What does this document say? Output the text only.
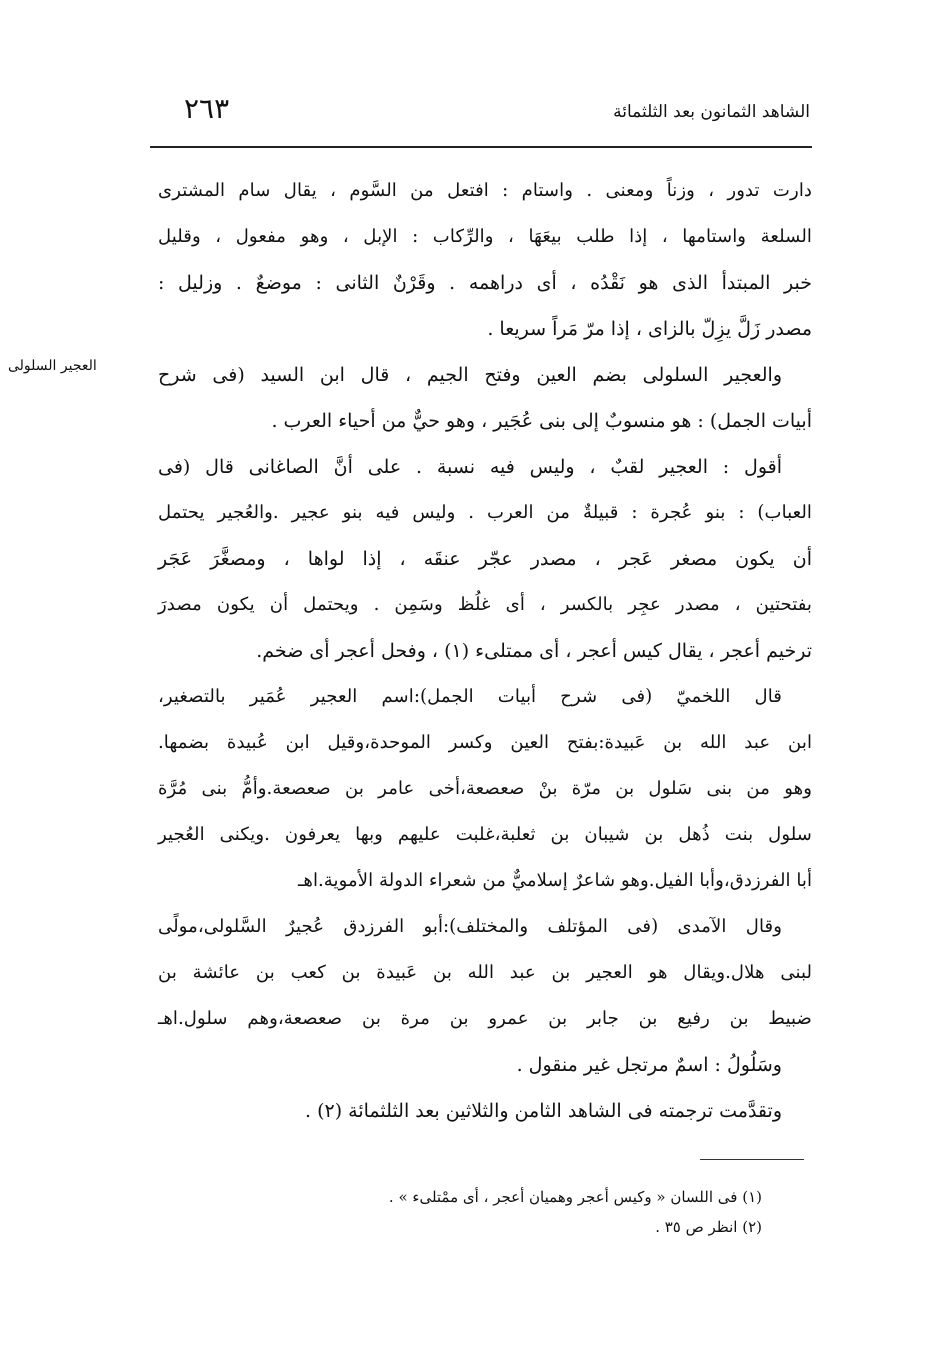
الشاهد الثمانون بعد الثلثمائة
٢٦٣
العجير السلولى
دارت تدور ، وزناً ومعنى . واستام : افتعل من السَّوم ، يقال سام المشترى
السلعة واستامها ، إذا طلب بيعَهَا ، والرِّكاب : الإبل ، وهو مفعول ، وقليل
خبر المبتدأ الذى هو نَقْدُه ، أى دراهمه . وقَرْنٌ الثانى : موضعٌ . وزليل :
مصدر زَلَّ يزِلّ بالزاى ، إذا مرّ مَراً سريعا .
والعجير السلولى بضم العين وفتح الجيم ، قال ابن السيد (فى شرح
أبيات الجمل) : هو منسوبٌ إلى بنى عُجَير ، وهو حيٌّ من أحياء العرب .
أقول : العجير لقبٌ ، وليس فيه نسبة . على أنَّ الصاغانى قال (فى
العباب) : بنو عُجرة : قبيلةٌ من العرب . وليس فيه بنو عجير .والعُجير يحتمل
أن يكون مصغر عَجر ، مصدر عجّر عنقَه ، إذا لواها ، ومصغَّرَ عَجَر
بفتحتين ، مصدر عجِر بالكسر ، أى غلُظ وسَمِن . ويحتمل أن يكون مصدرَ
ترخيم أعجر ، يقال كيس أعجر ، أى ممتلىء (١) ، وفحل أعجر أى ضخم.
قال اللخميّ (فى شرح أبيات الجمل):اسم العجير عُمَير بالتصغير،
ابن عبد الله بن عَبيدة:بفتح العين وكسر الموحدة،وقيل ابن عُبيدة بضمها.
وهو من بنى سَلول بن مرّة بنْ صعصعة،أخى عامر بن صعصعة.وأمُّ بنى مُرَّة
سلول بنت ذُهل بن شيبان بن ثعلبة،غلبت عليهم وبها يعرفون .ويكنى العُجير
أبا الفرزدق،وأبا الفيل.وهو شاعرٌ إسلاميٌّ من شعراء الدولة الأموية.اهـ
وقال الآمدى (فى المؤتلف والمختلف):أبو الفرزدق عُجيرٌ السَّلولى،مولًى
لبنى هلال.ويقال هو العجير بن عبد الله بن عَبيدة بن كعب بن عائشة بن
ضبيط بن رفيع بن جابر بن عمرو بن مرة بن صعصعة،وهم سلول.اهـ
وسَلُولُ : اسمٌ مرتجل غير منقول .
وتقدَّمت ترجمته فى الشاهد الثامن والثلاثين بعد الثلثمائة (٢) .
(١) فى اللسان « وكيس أعجر وهميان أعجر ، أى ممْتلىء » .
(٢) انظر ص ٣٥ .
